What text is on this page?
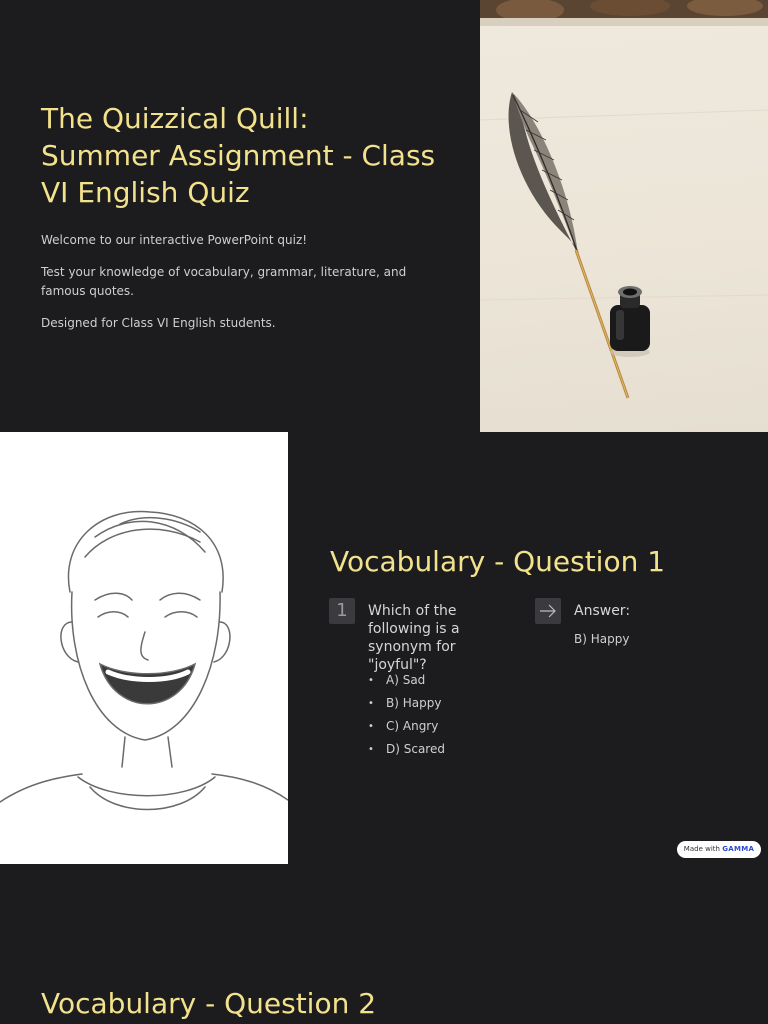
The Quizzical Quill: Summer Assignment - Class VI English Quiz

Welcome to our interactive PowerPoint quiz!

Test your knowledge of vocabulary, grammar, literature, and famous quotes.

Designed for Class VI English students.

Vocabulary - Question 1
1	Which of the following is a synonym for "joyful"?

• A) Sad
• B) Happy
• C) Angry
• D) Scared

Answer:

B) Happy

Made with GAMMA
Vocabulary - Question 2
